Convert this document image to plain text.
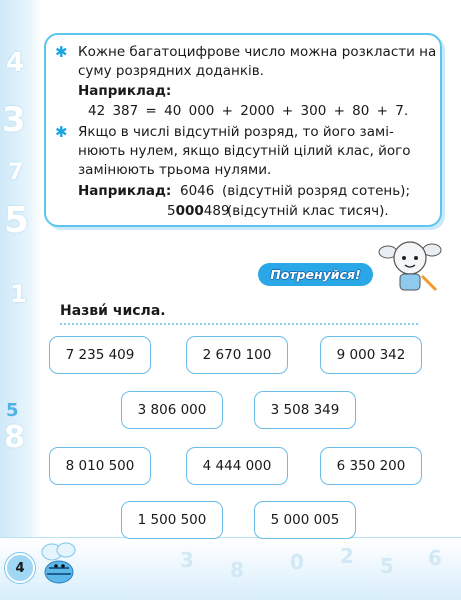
4
3
7
5
1
8
5
3 8 0 2 5 6
✱ Кожне багатоцифрове число можна розкласти на
суму розрядних доданків.
Наприклад:
42 387 = 40 000 + 2000 + 300 + 80 + 7.
✱ Якщо в числі відсутній розряд, то його замі-
нюють нулем, якщо відсутній цілий клас, його
замінюють трьома нулями.
Наприклад: 6046 (відсутній розряд сотень);
5000489
(відсутній клас тисяч).
Потренуйся!
Назви́ числа.
7 235 409	2 670 100	9 000 342
3 806 000	3 508 349
8 010 500	4 444 000	6 350 200
1 500 500	5 000 005
4
